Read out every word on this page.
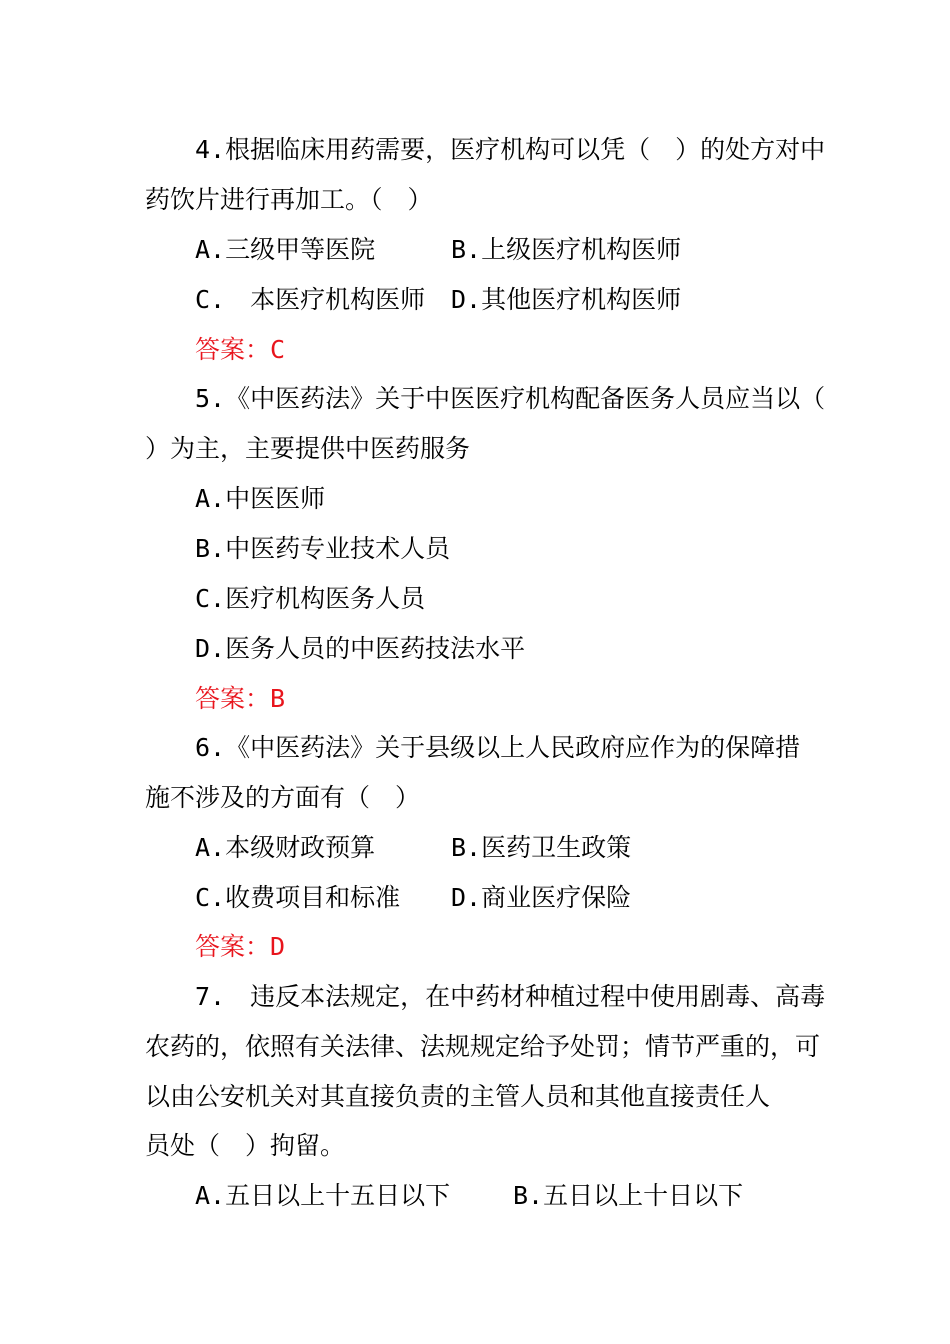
4.根据临床用药需要，医疗机构可以凭（　）的处方对中
药饮片进行再加工。（　）
A.三级甲等医院	B.上级医疗机构医师
C.　本医疗机构医师 D.其他医疗机构医师
答案：C
5.《中医药法》关于中医医疗机构配备医务人员应当以（
）为主，主要提供中医药服务
A.中医医师
B.中医药专业技术人员
C.医疗机构医务人员
D.医务人员的中医药技法水平
答案：B
6.《中医药法》关于县级以上人民政府应作为的保障措
施不涉及的方面有（　）
A.本级财政预算	B.医药卫生政策
C.收费项目和标准 D.商业医疗保险
答案：D
7.　违反本法规定，在中药材种植过程中使用剧毒、高毒
农药的，依照有关法律、法规规定给予处罚；情节严重的，可
以由公安机关对其直接负责的主管人员和其他直接责任人
员处（　）拘留。
A.五日以上十五日以下	B.五日以上十日以下
